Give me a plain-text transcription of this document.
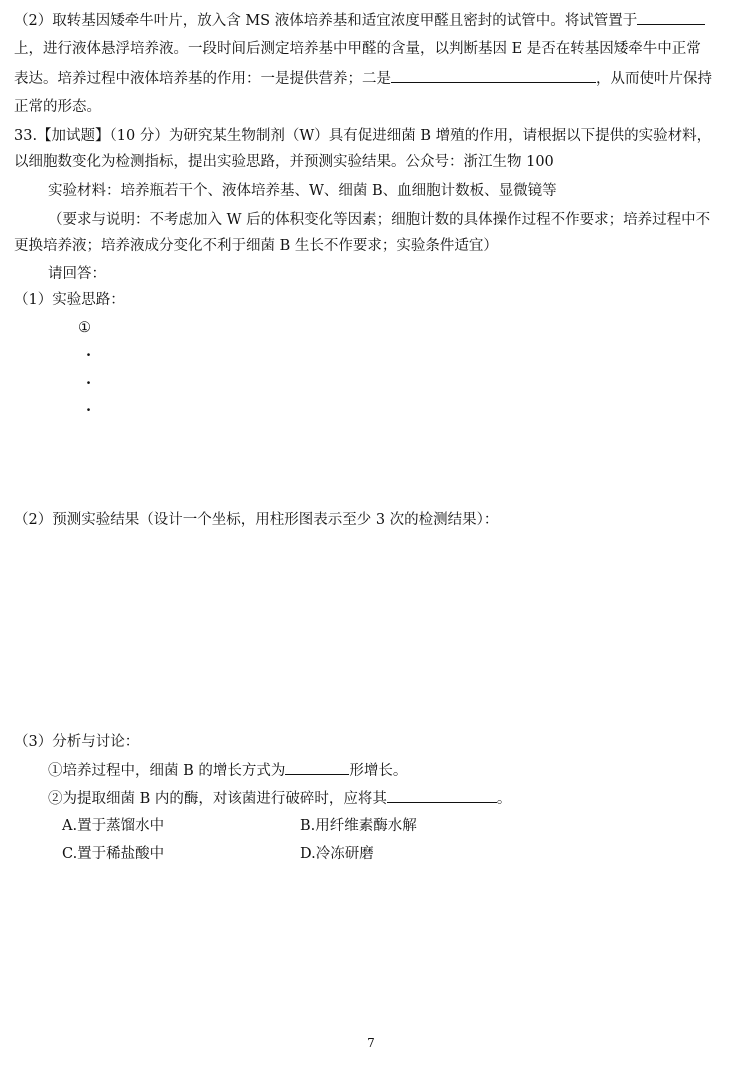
（2）取转基因矮牵牛叶片，放入含 MS 液体培养基和适宜浓度甲醛且密封的试管中。将试管置于
上，进行液体悬浮培养液。一段时间后测定培养基中甲醛的含量，以判断基因 E 是否在转基因矮牵牛中正常
表达。培养过程中液体培养基的作用：一是提供营养；二是	，从而使叶片保持
正常的形态。
33.【加试题】（10 分）为研究某生物制剂（W）具有促进细菌 B 增殖的作用，请根据以下提供的实验材料，
以细胞数变化为检测指标，提出实验思路，并预测实验结果。公众号：浙江生物 100
实验材料：培养瓶若干个、液体培养基、W、细菌 B、血细胞计数板、显微镜等
（要求与说明：不考虑加入 W 后的体积变化等因素；细胞计数的具体操作过程不作要求；培养过程中不
更换培养液；培养液成分变化不利于细菌 B 生长不作要求；实验条件适宜）
请回答：
（1）实验思路：
①
·
·
·
（2）预测实验结果（设计一个坐标，用柱形图表示至少 3 次的检测结果）：
（3）分析与讨论：
①培养过程中，细菌 B 的增长方式为	形增长。
②为提取细菌 B 内的酶，对该菌进行破碎时，应将其	。
A.置于蒸馏水中	B.用纤维素酶水解
C.置于稀盐酸中	D.冷冻研磨
7
